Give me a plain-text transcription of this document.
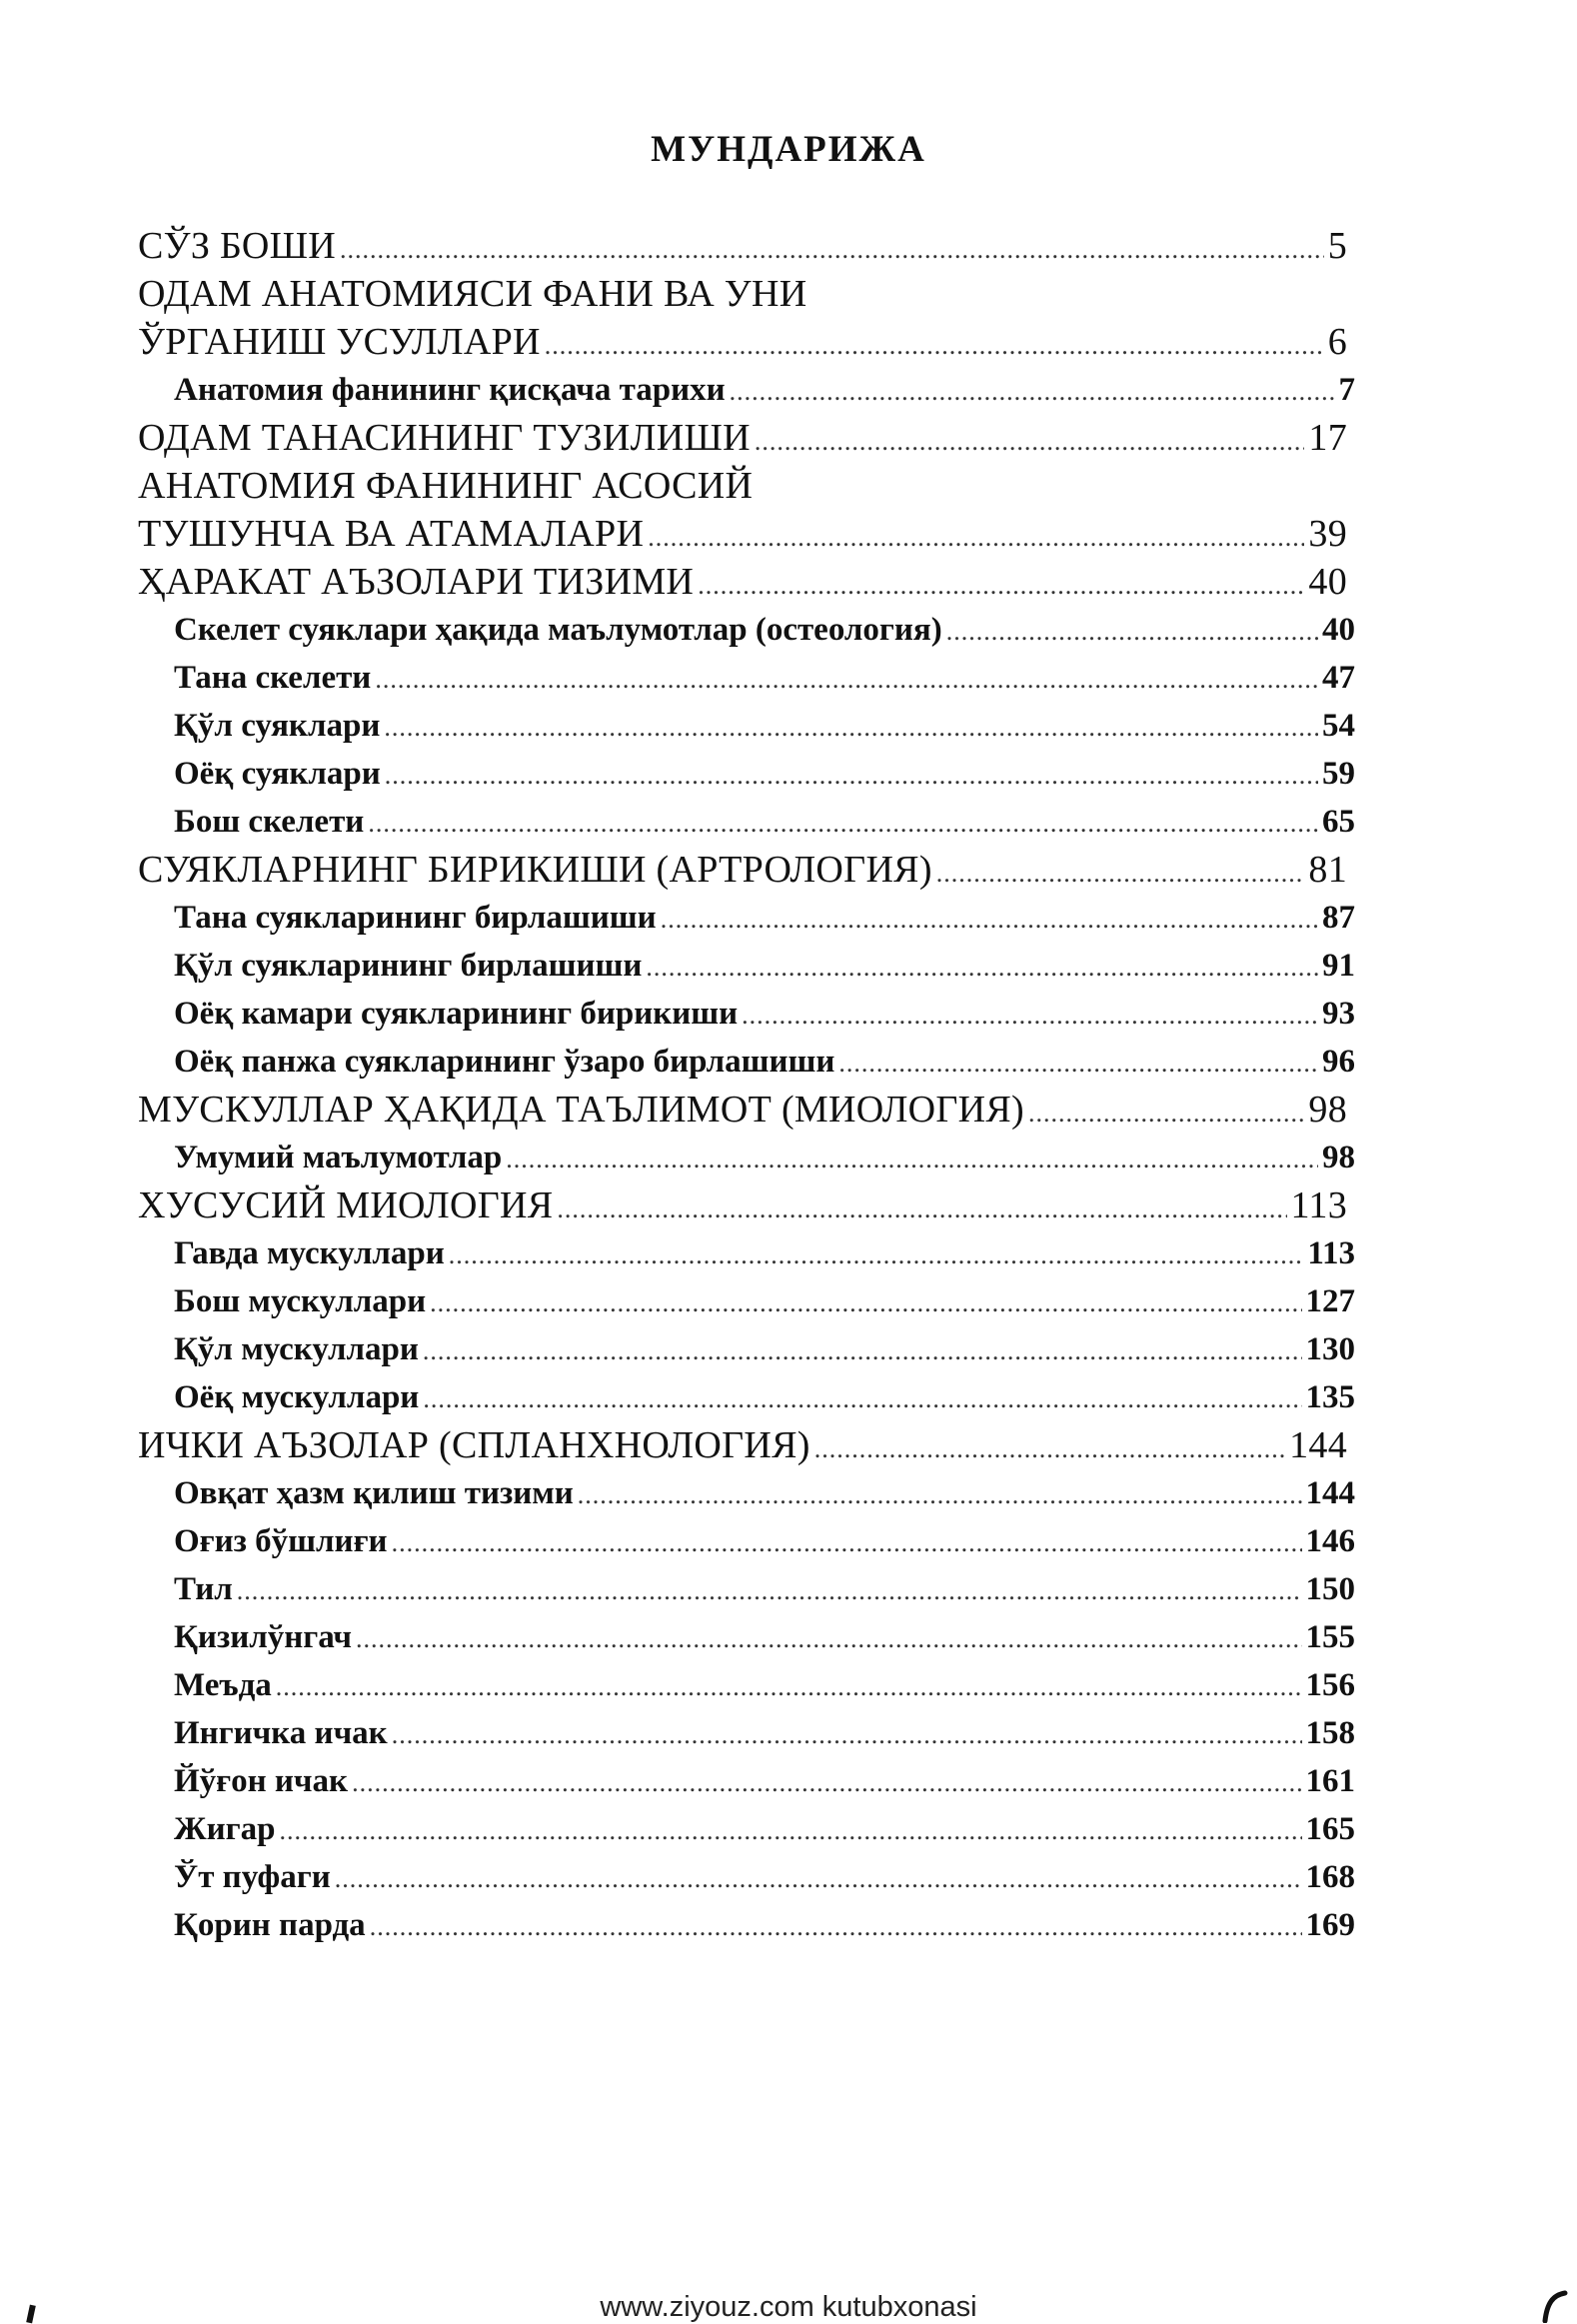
МУНДАРИЖА
СЎЗ БОШИ .....	5
ОДАМ АНАТОМИЯСИ ФАНИ ВА УНИ
ЎРГАНИШ УСУЛЛАРИ .....	6
Анатомия фанининг қисқача тарихи .....	7
ОДАМ ТАНАСИНИНГ ТУЗИЛИШИ .....	17
АНАТОМИЯ ФАНИНИНГ АСОСИЙ
ТУШУНЧА ВА АТАМАЛАРИ .....	39
ҲАРАКАТ АЪЗОЛАРИ ТИЗИМИ .....	40
Скелет суяклари ҳақида маълумотлар (остеология) .....	40
Тана скелети .....	47
Қўл суяклари .....	54
Оёқ суяклари .....	59
Бош скелети .....	65
СУЯКЛАРНИНГ БИРИКИШИ (АРТРОЛОГИЯ) .....	81
Тана суякларининг бирлашиши .....	87
Қўл суякларининг бирлашиши .....	91
Оёқ камари суякларининг бирикиши .....	93
Оёқ панжа суякларининг ўзаро бирлашиши .....	96
МУСКУЛЛАР ҲАҚИДА ТАЪЛИМОТ (МИОЛОГИЯ) .....	98
Умумий маълумотлар .....	98
ХУСУСИЙ МИОЛОГИЯ .....	113
Гавда мускуллари .....	113
Бош мускуллари .....	127
Қўл мускуллари .....	130
Оёқ мускуллари .....	135
ИЧКИ АЪЗОЛАР (СПЛАНХНОЛОГИЯ) .....	144
Овқат ҳазм қилиш тизими .....	144
Оғиз бўшлиғи .....	146
Тил .....	150
Қизилўнгач .....	155
Меъда .....	156
Ингичка ичак .....	158
Йўғон ичак .....	161
Жигар .....	165
Ўт пуфаги .....	168
Қорин парда .....	169
www.ziyouz.com kutubxonasi
